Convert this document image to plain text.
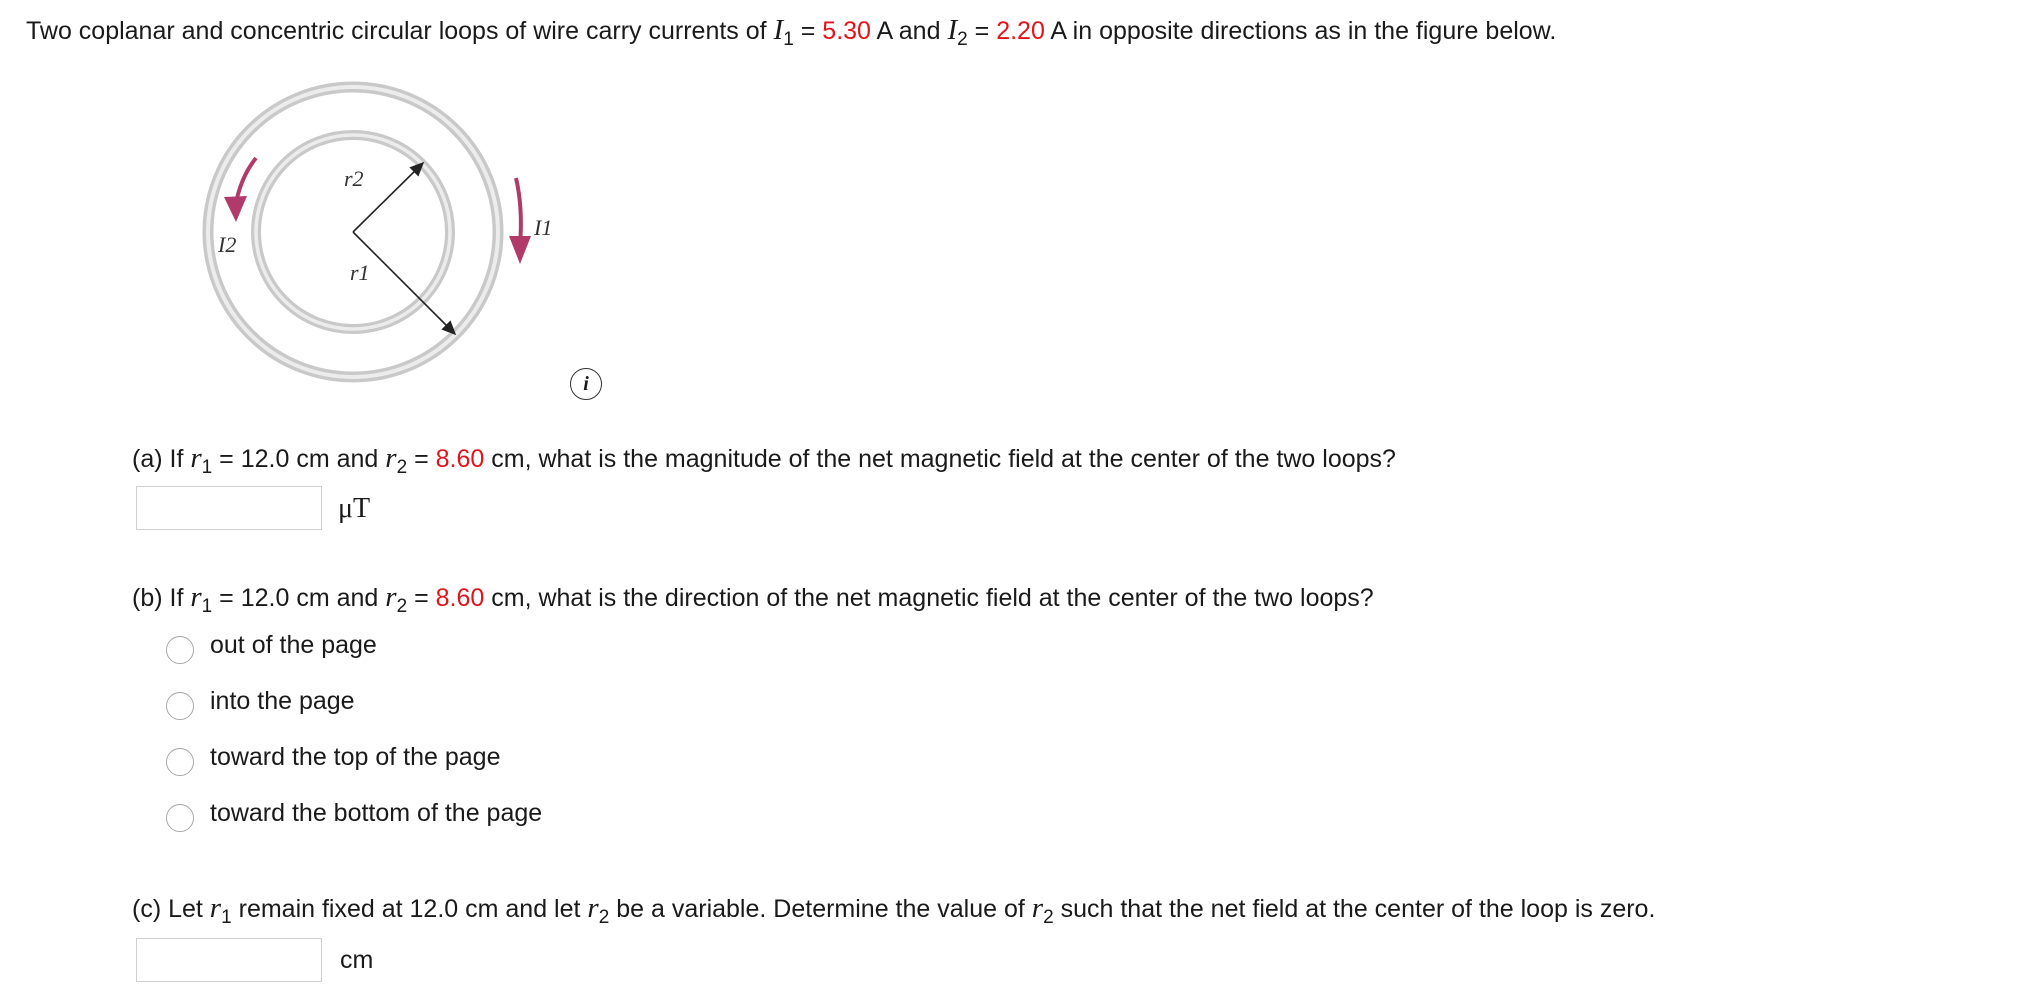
Two coplanar and concentric circular loops of wire carry currents of $I_1 = 5.30$ A and $I_2 = 2.20$ A in opposite directions as in the figure below.
r2
r1
I1
I2
i
(a) If $r_1 = 12.0$ cm and $r_2 = 8.60$ cm, what is the magnitude of the net magnetic field at the center of the two loops?
μT
(b) If $r_1 = 12.0$ cm and $r_2 = 8.60$ cm, what is the direction of the net magnetic field at the center of the two loops?
out of the page
into the page
toward the top of the page
toward the bottom of the page
(c) Let $r_1$ remain fixed at 12.0 cm and let $r_2$ be a variable. Determine the value of $r_2$ such that the net field at the center of the loop is zero.
cm
